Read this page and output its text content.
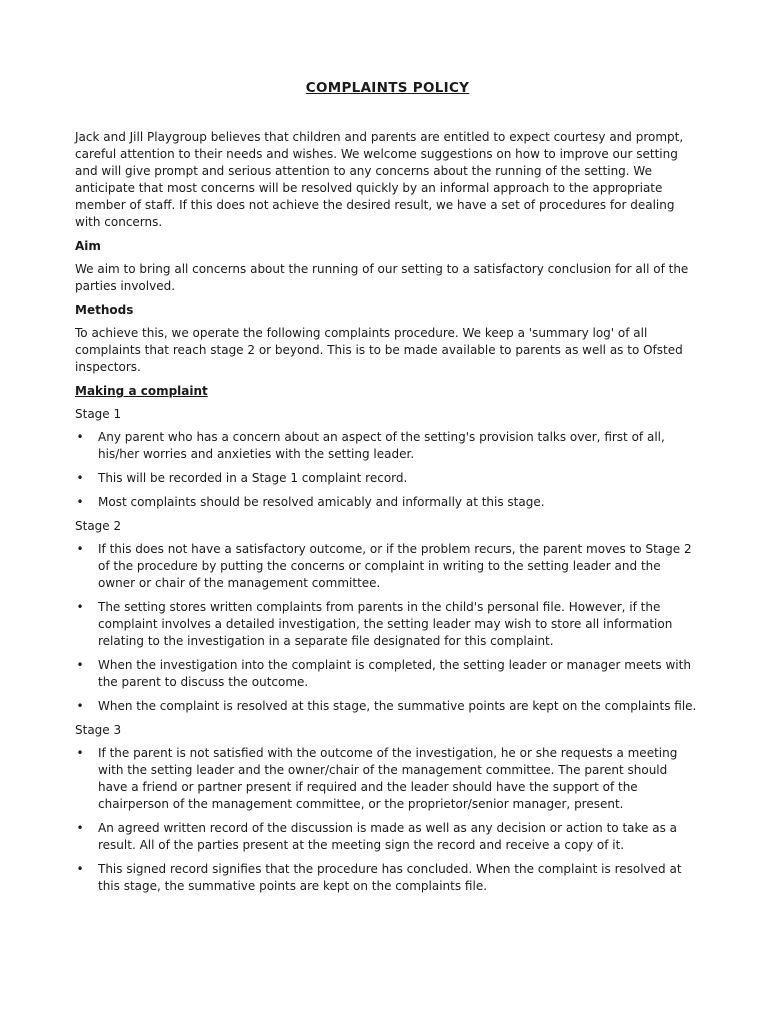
COMPLAINTS POLICY

Jack and Jill Playgroup believes that children and parents are entitled to expect courtesy and prompt, careful attention to their needs and wishes. We welcome suggestions on how to improve our setting and will give prompt and serious attention to any concerns about the running of the setting. We anticipate that most concerns will be resolved quickly by an informal approach to the appropriate member of staff. If this does not achieve the desired result, we have a set of procedures for dealing with concerns.

Aim

We aim to bring all concerns about the running of our setting to a satisfactory conclusion for all of the parties involved.

Methods

To achieve this, we operate the following complaints procedure. We keep a 'summary log' of all complaints that reach stage 2 or beyond. This is to be made available to parents as well as to Ofsted inspectors.

Making a complaint
Stage 1
• Any parent who has a concern about an aspect of the setting's provision talks over, first of all, his/her worries and anxieties with the setting leader.
• This will be recorded in a Stage 1 complaint record.
• Most complaints should be resolved amicably and informally at this stage.
Stage 2
• If this does not have a satisfactory outcome, or if the problem recurs, the parent moves to Stage 2 of the procedure by putting the concerns or complaint in writing to the setting leader and the owner or chair of the management committee.
• The setting stores written complaints from parents in the child's personal file. However, if the complaint involves a detailed investigation, the setting leader may wish to store all information relating to the investigation in a separate file designated for this complaint.
• When the investigation into the complaint is completed, the setting leader or manager meets with the parent to discuss the outcome.
• When the complaint is resolved at this stage, the summative points are kept on the complaints file.
Stage 3
• If the parent is not satisfied with the outcome of the investigation, he or she requests a meeting with the setting leader and the owner/chair of the management committee. The parent should have a friend or partner present if required and the leader should have the support of the chairperson of the management committee, or the proprietor/senior manager, present.
• An agreed written record of the discussion is made as well as any decision or action to take as a result. All of the parties present at the meeting sign the record and receive a copy of it.
• This signed record signifies that the procedure has concluded. When the complaint is resolved at this stage, the summative points are kept on the complaints file.
